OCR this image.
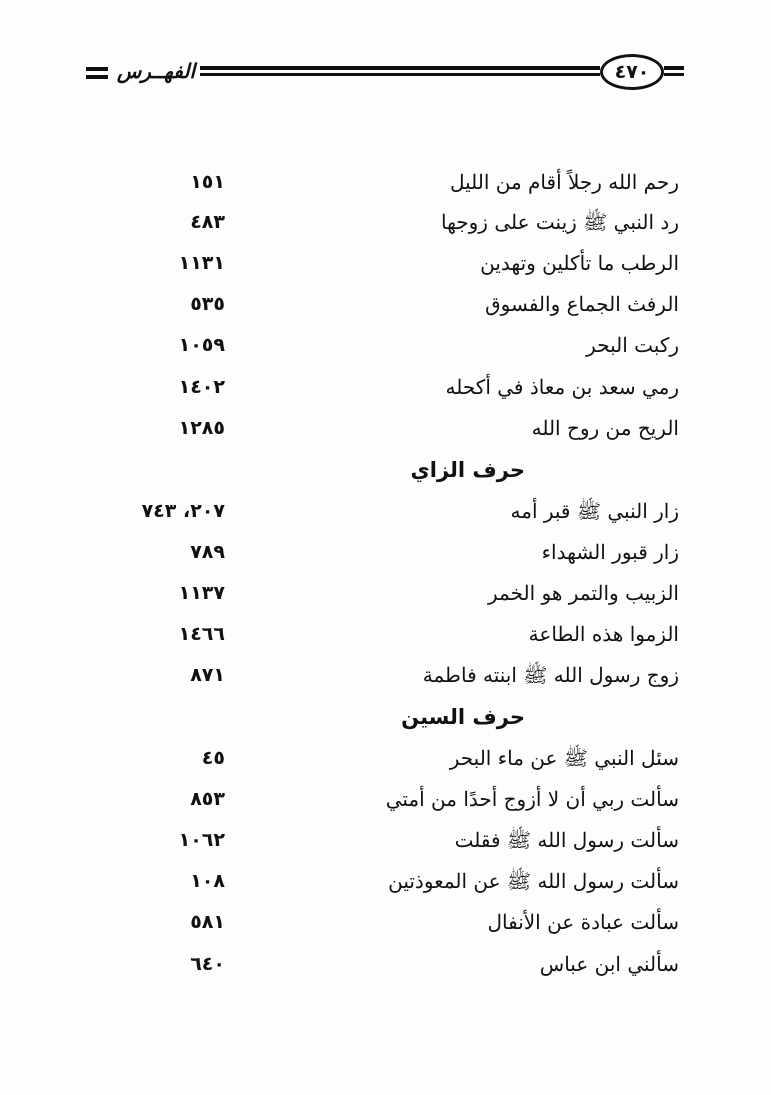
الفهــرس	٤٧٠
رحم الله رجلاً أقام من الليل
١٥١
رد النبي ﷺ زينت على زوجها
٤٨٣
الرطب ما تأكلين وتهدين
١١٣١
الرفث الجماع والفسوق
٥٣٥
ركبت البحر
١٠٥٩
رمي سعد بن معاذ في أكحله
١٤٠٢
الريح من روح الله
١٢٨٥
حرف الزاي
زار النبي ﷺ قبر أمه
٢٠٧، ٧٤٣
زار قبور الشهداء
٧٨٩
الزبيب والتمر هو الخمر
١١٣٧
الزموا هذه الطاعة
١٤٦٦
زوج رسول الله ﷺ ابنته فاطمة
٨٧١
حرف السين
سئل النبي ﷺ عن ماء البحر
٤٥
سألت ربي أن لا أزوج أحدًا من أمتي
٨٥٣
سألت رسول الله ﷺ فقلت
١٠٦٢
سألت رسول الله ﷺ عن المعوذتين
١٠٨
سألت عبادة عن الأنفال
٥٨١
سألني ابن عباس
٦٤٠
